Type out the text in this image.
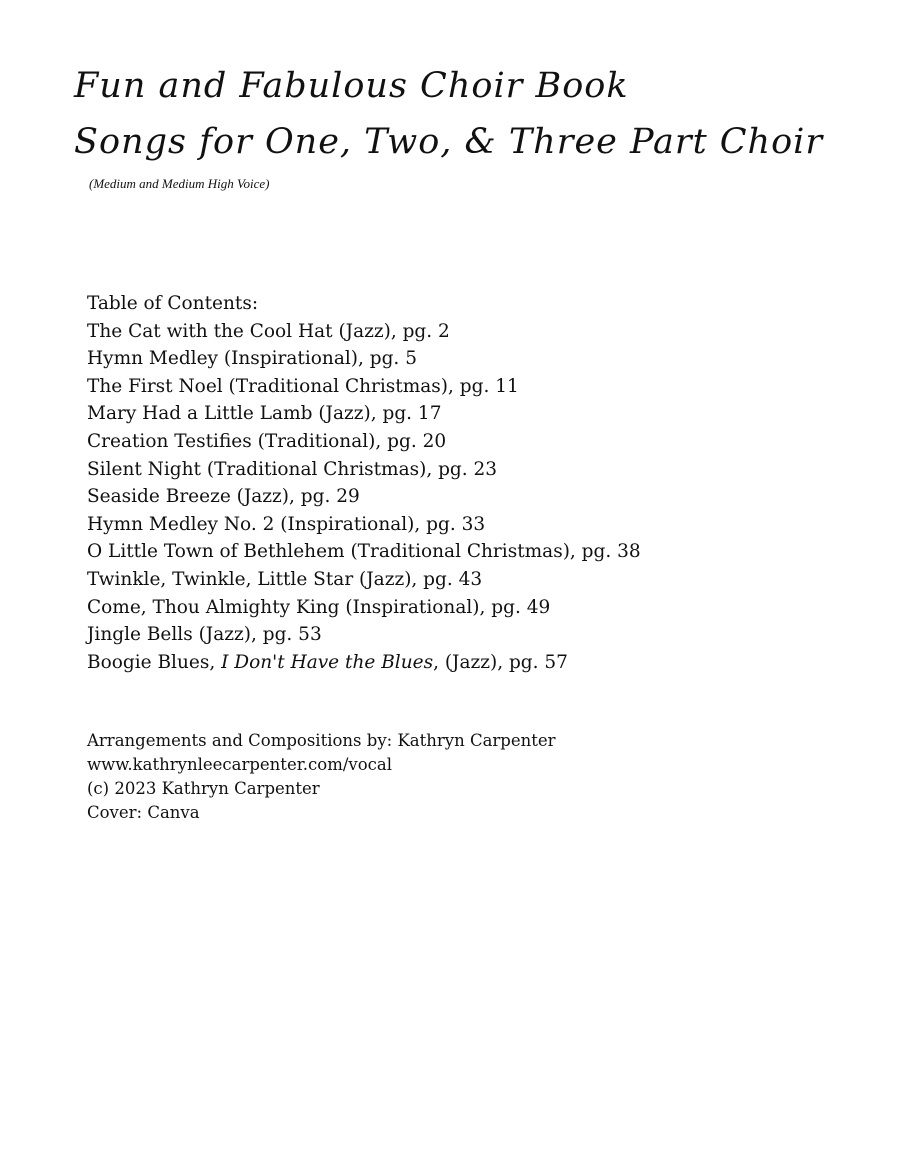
Fun and Fabulous Choir Book
Songs for One, Two, & Three Part Choir
(Medium and Medium High Voice)
Table of Contents:
The Cat with the Cool Hat (Jazz), pg. 2
Hymn Medley (Inspirational), pg. 5
The First Noel (Traditional Christmas), pg. 11
Mary Had a Little Lamb (Jazz), pg. 17
Creation Testifies (Traditional), pg. 20
Silent Night (Traditional Christmas), pg. 23
Seaside Breeze (Jazz), pg. 29
Hymn Medley No. 2 (Inspirational), pg. 33
O Little Town of Bethlehem (Traditional Christmas), pg. 38
Twinkle, Twinkle, Little Star (Jazz), pg. 43
Come, Thou Almighty King (Inspirational), pg. 49
Jingle Bells (Jazz), pg. 53
Boogie Blues, I Don't Have the Blues, (Jazz), pg. 57
Arrangements and Compositions by: Kathryn Carpenter
www.kathrynleecarpenter.com/vocal
(c) 2023 Kathryn Carpenter
Cover: Canva
